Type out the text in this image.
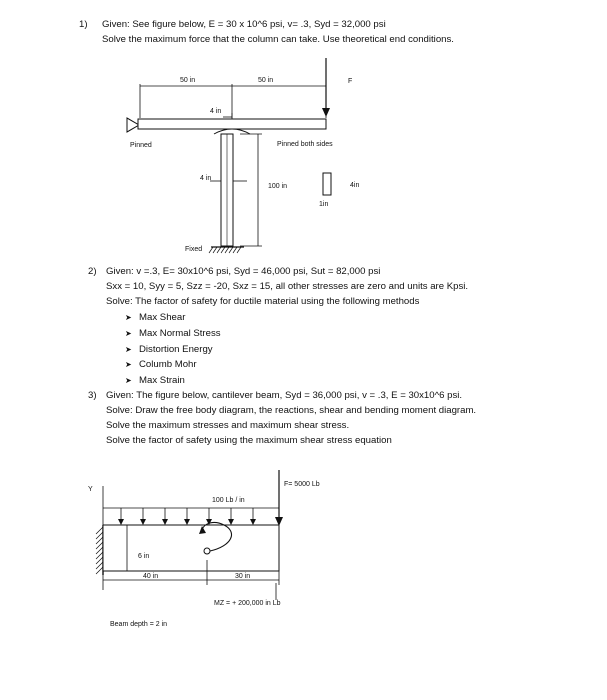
1) Given: See figure below, E = 30 x 10^6 psi, v= .3, Syd = 32,000 psi
Solve the maximum force that the column can take. Use theoretical end conditions.
50 in	50 in	F
4 in
Pinned	Pinned both sides
4 in
100 in	4in
1in
Fixed
2) Given: v =.3, E= 30x10^6 psi, Syd = 46,000 psi, Sut = 82,000 psi
Sxx = 10, Syy = 5, Szz = -20, Sxz = 15, all other stresses are zero and units are Kpsi.
Solve: The factor of safety for ductile material using the following methods
➤ Max Shear
➤ Max Normal Stress
➤ Distortion Energy
➤ Columb Mohr
➤ Max Strain
3) Given: The figure below, cantilever beam, Syd = 36,000 psi, v = .3, E = 30x10^6 psi.
Solve: Draw the free body diagram, the reactions, shear and bending moment diagram.
Solve the maximum stresses and maximum shear stress.
Solve the factor of safety using the maximum shear stress equation
Y
F= 5000 Lb
100 Lb / in
6 in
40 in	30 in
MZ = + 200,000 in Lb
Beam depth = 2 in
